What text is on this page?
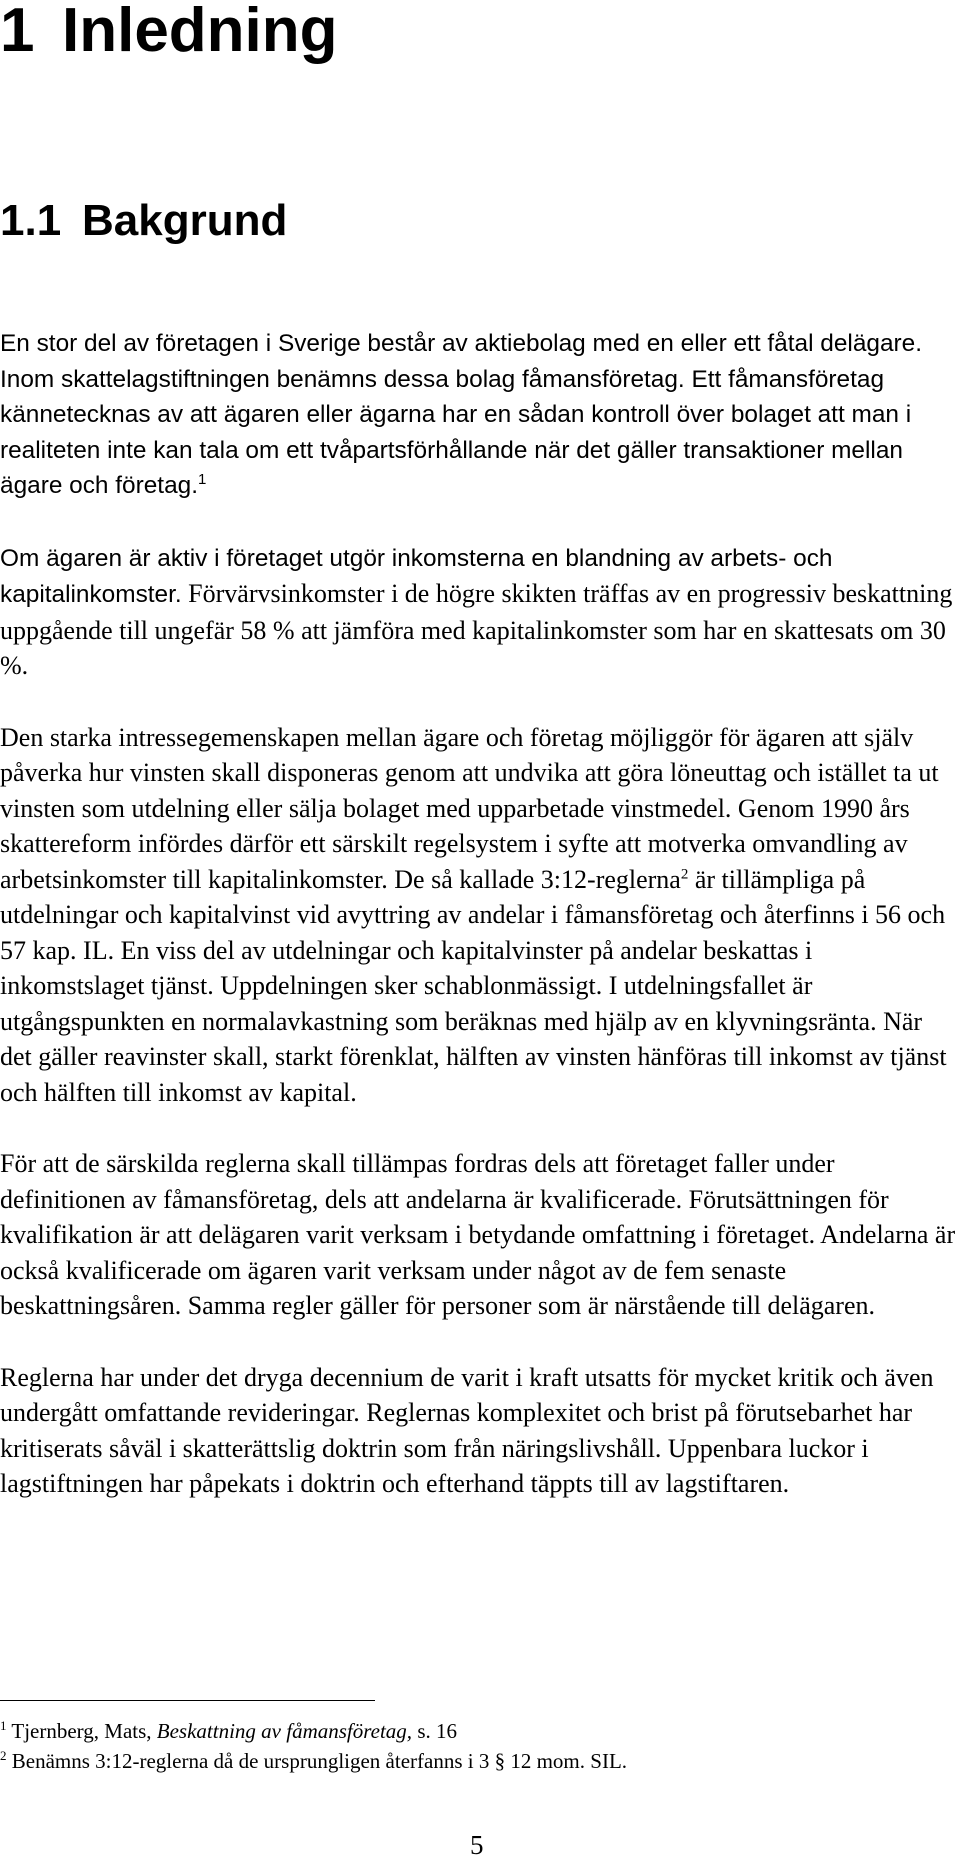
1 Inledning
1.1 Bakgrund

En stor del av företagen i Sverige består av aktiebolag med en eller ett fåtal delägare. Inom skattelagstiftningen benämns dessa bolag fåmansföretag. Ett fåmansföretag kännetecknas av att ägaren eller ägarna har en sådan kontroll över bolaget att man i realiteten inte kan tala om ett tvåpartsförhållande när det gäller transaktioner mellan ägare och företag.$^1$

Om ägaren är aktiv i företaget utgör inkomsterna en blandning av arbets- och kapitalinkomster. Förvärvsinkomster i de högre skikten träffas av en progressiv beskattning uppgående till ungefär 58 % att jämföra med kapitalinkomster som har en skattesats om 30 %.

Den starka intressegemenskapen mellan ägare och företag möjliggör för ägaren att själv påverka hur vinsten skall disponeras genom att undvika att göra löneuttag och istället ta ut vinsten som utdelning eller sälja bolaget med upparbetade vinstmedel. Genom 1990 års skattereform infördes därför ett särskilt regelsystem i syfte att motverka omvandling av arbetsinkomster till kapitalinkomster. De så kallade 3:12-reglerna$^2$ är tillämpliga på utdelningar och kapitalvinst vid avyttring av andelar i fåmansföretag och återfinns i 56 och 57 kap. IL. En viss del av utdelningar och kapitalvinster på andelar beskattas i inkomstslaget tjänst. Uppdelningen sker schablonmässigt. I utdelningsfallet är utgångspunkten en normalavkastning som beräknas med hjälp av en klyvningsränta. När det gäller reavinster skall, starkt förenklat, hälften av vinsten hänföras till inkomst av tjänst och hälften till inkomst av kapital.

För att de särskilda reglerna skall tillämpas fordras dels att företaget faller under definitionen av fåmansföretag, dels att andelarna är kvalificerade. Förutsättningen för kvalifikation är att delägaren varit verksam i betydande omfattning i företaget. Andelarna är också kvalificerade om ägaren varit verksam under något av de fem senaste beskattningsåren. Samma regler gäller för personer som är närstående till delägaren.

Reglerna har under det dryga decennium de varit i kraft utsatts för mycket kritik och även undergått omfattande revideringar. Reglernas komplexitet och brist på förutsebarhet har kritiserats såväl i skatterättslig doktrin som från näringslivshåll. Uppenbara luckor i lagstiftningen har påpekats i doktrin och efterhand täppts till av lagstiftaren.

$^1$ Tjernberg, Mats, Beskattning av fåmansföretag, s. 16

$^2$ Benämns 3:12-reglerna då de ursprungligen återfanns i 3 § 12 mom. SIL.

5
